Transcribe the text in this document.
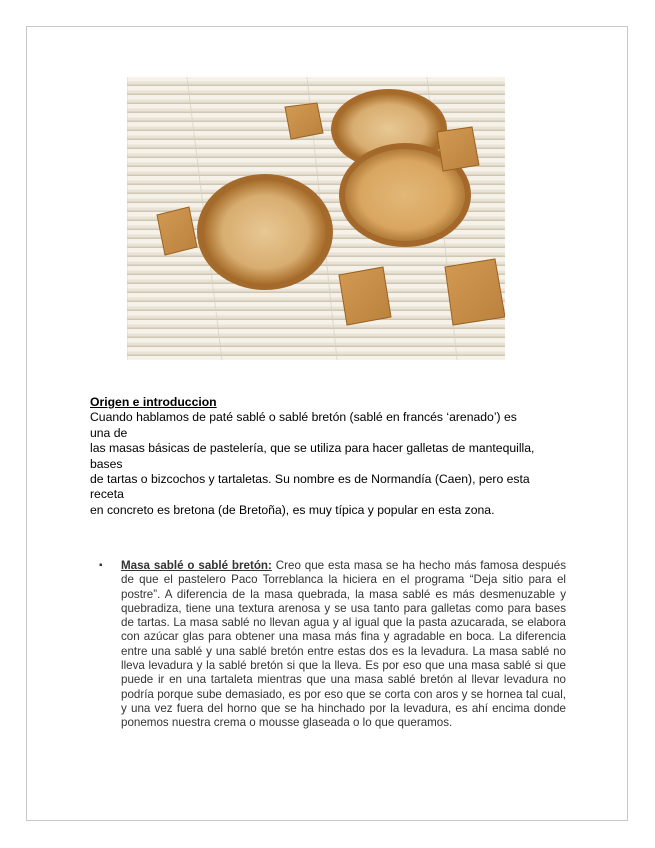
Origen e introduccion

Cuando hablamos de paté sablé o sablé bretón (sablé en francés ‘arenado’) es

una de

las masas básicas de pastelería, que se utiliza para hacer galletas de mantequilla,

bases

de tartas o bizcochos y tartaletas. Su nombre es de Normandía (Caen), pero esta

receta

en concreto es bretona (de Bretoña), es muy típica y popular en esta zona.

▪ Masa sablé o sablé bretón: Creo que esta masa se ha hecho más famosa después de que el pastelero Paco Torreblanca la hiciera en el programa “Deja sitio para el postre”. A diferencia de la masa quebrada, la masa sablé es más desmenuzable y quebradiza, tiene una textura arenosa y se usa tanto para galletas como para bases de tartas. La masa sablé no llevan agua y al igual que la pasta azucarada, se elabora con azúcar glas para obtener una masa más fina y agradable en boca. La diferencia entre una sablé y una sablé bretón entre estas dos es la levadura. La masa sablé no lleva levadura y la sablé bretón si que la lleva. Es por eso que una masa sablé si que puede ir en una tartaleta mientras que una masa sablé bretón al llevar levadura no podría porque sube demasiado, es por eso que se corta con aros y se hornea tal cual, y una vez fuera del horno que se ha hinchado por la levadura, es ahí encima donde ponemos nuestra crema o mousse glaseada o lo que queramos.
